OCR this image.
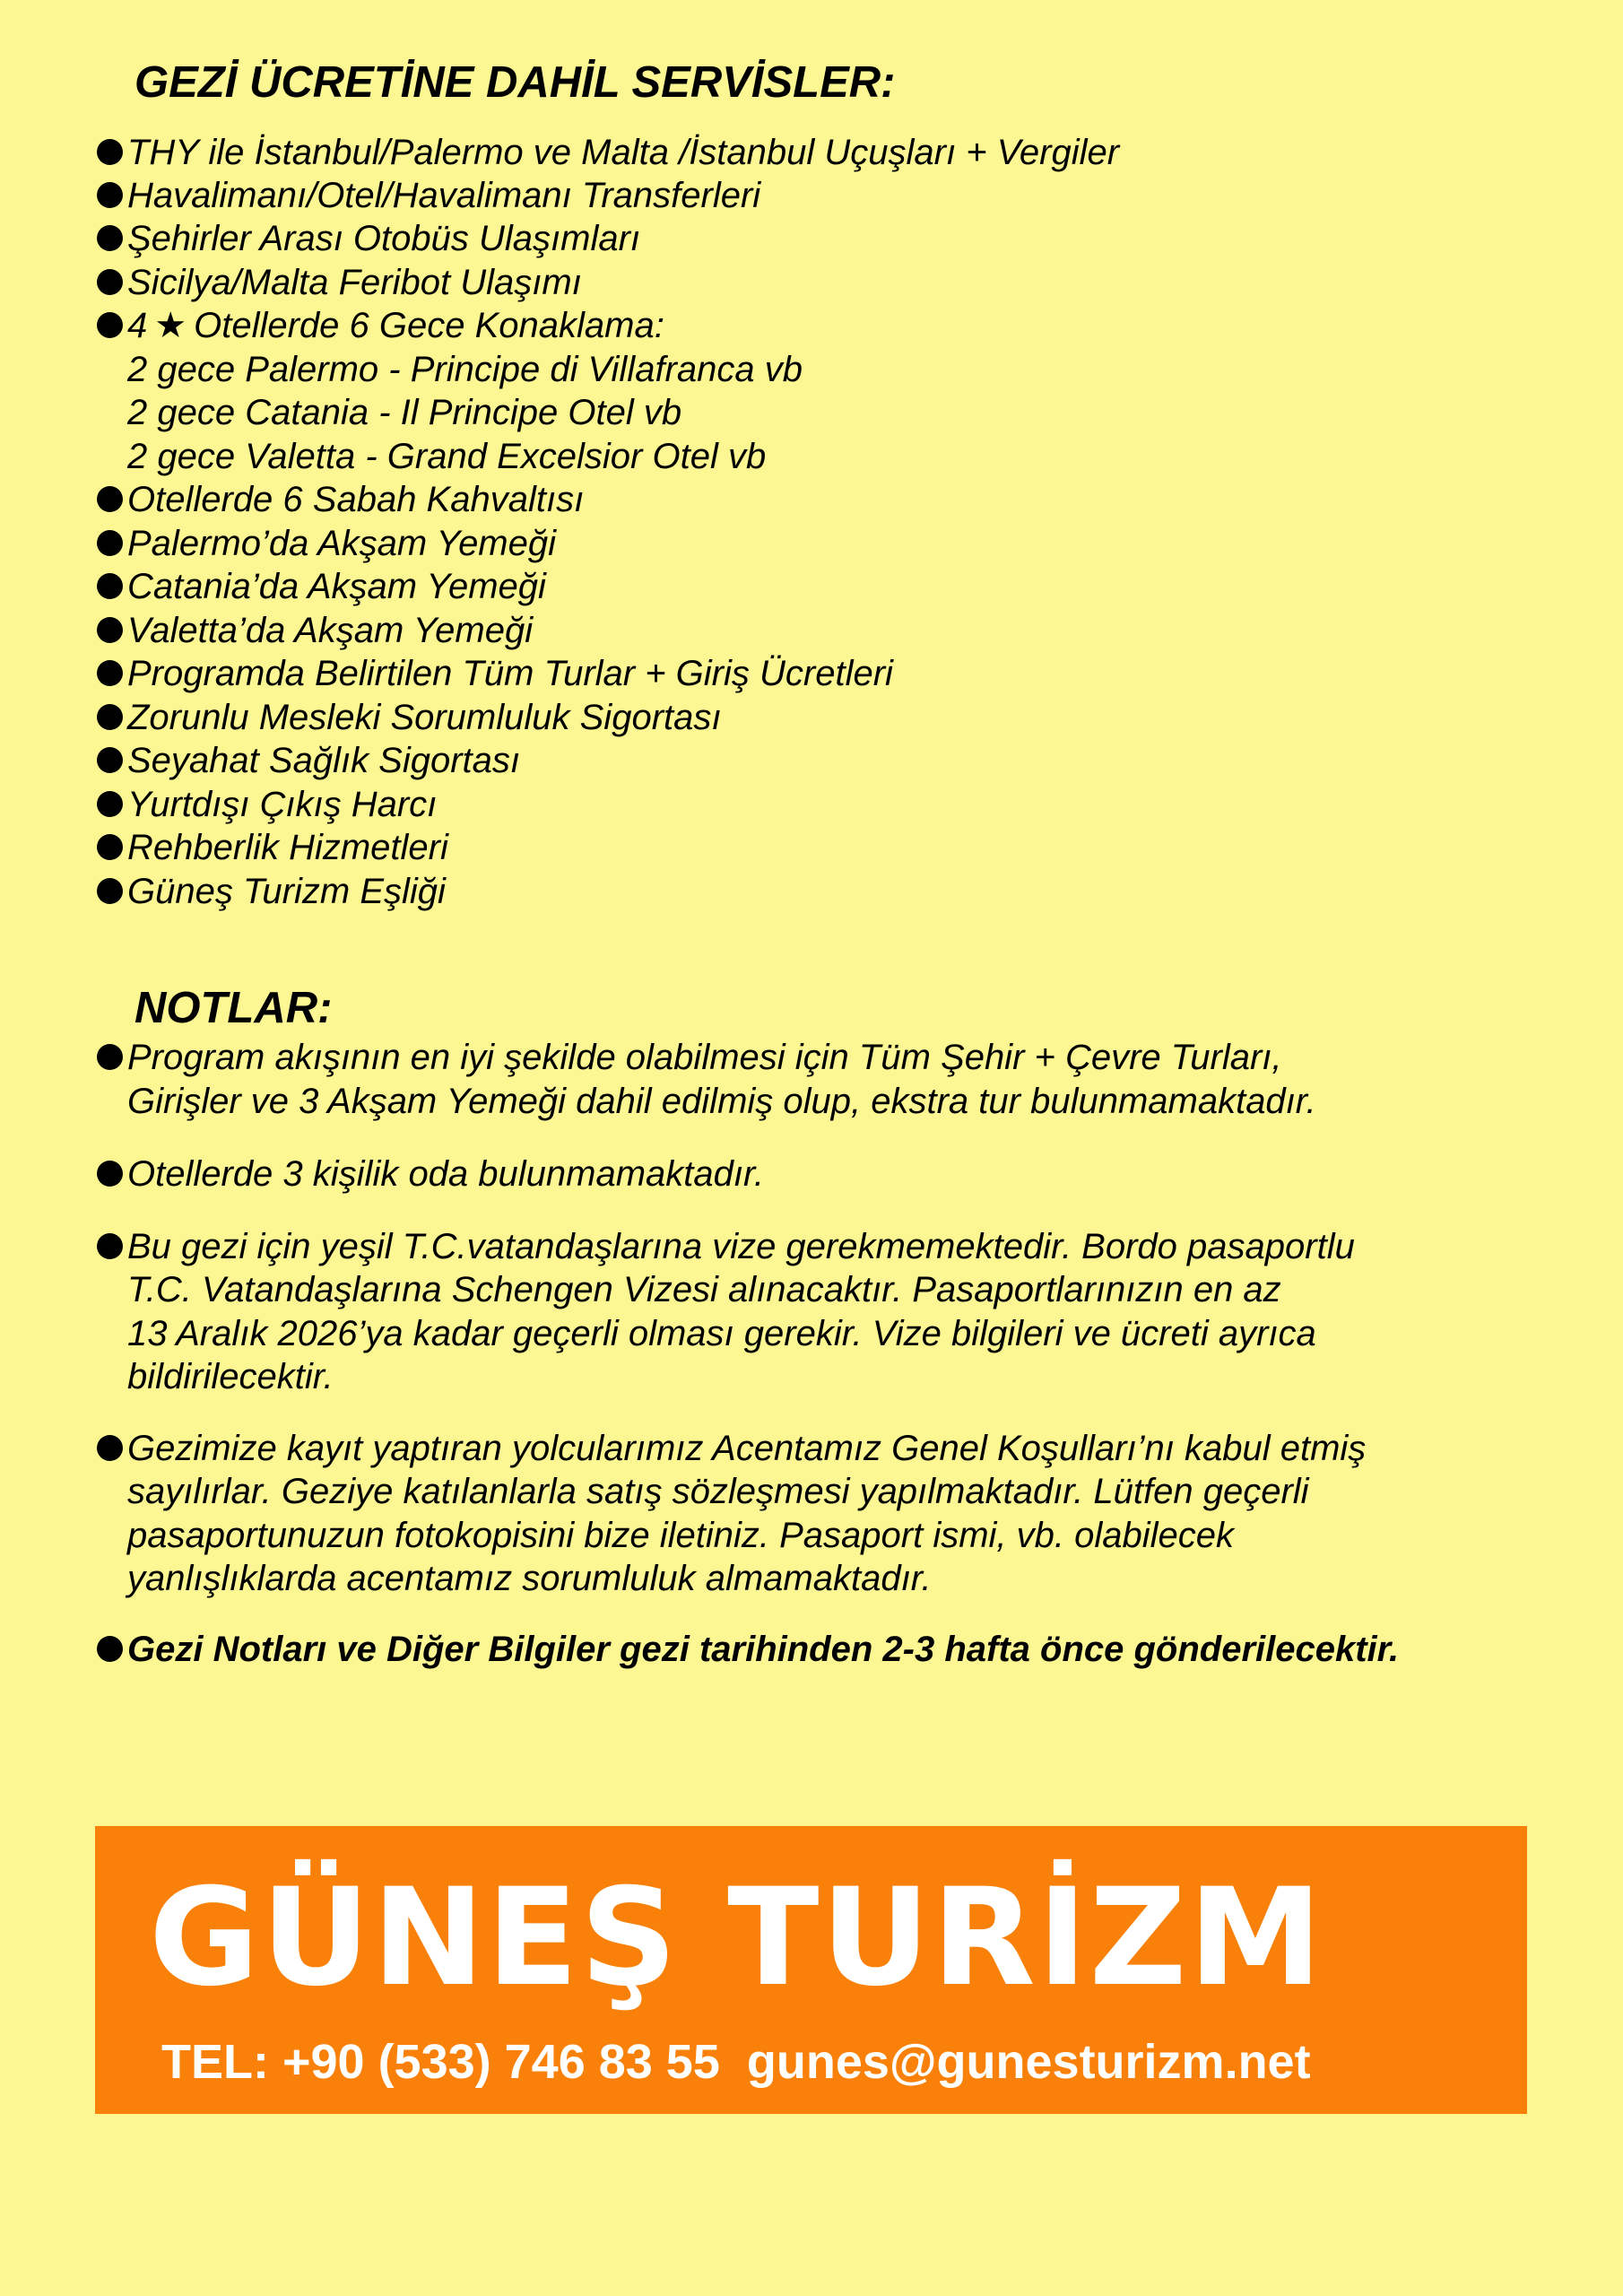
GEZİ ÜCRETİNE DAHİL SERVİSLER:
THY ile İstanbul/Palermo ve Malta /İstanbul Uçuşları + Vergiler
Havalimanı/Otel/Havalimanı Transferleri
Şehirler Arası Otobüs Ulaşımları
Sicilya/Malta Feribot Ulaşımı
4 ★ Otellerde 6 Gece Konaklama:
2 gece Palermo - Principe di Villafranca vb
2 gece Catania - Il Principe Otel vb
2 gece Valetta - Grand Excelsior Otel vb
Otellerde 6 Sabah Kahvaltısı
Palermo’da Akşam Yemeği
Catania’da Akşam Yemeği
Valetta’da Akşam Yemeği
Programda Belirtilen Tüm Turlar + Giriş Ücretleri
Zorunlu Mesleki Sorumluluk Sigortası
Seyahat Sağlık Sigortası
Yurtdışı Çıkış Harcı
Rehberlik Hizmetleri
Güneş Turizm Eşliği
NOTLAR:
Program akışının en iyi şekilde olabilmesi için Tüm Şehir + Çevre Turları,
Girişler ve 3 Akşam Yemeği dahil edilmiş olup, ekstra tur bulunmamaktadır.
Otellerde 3 kişilik oda bulunmamaktadır.
Bu gezi için yeşil T.C.vatandaşlarına vize gerekmemektedir. Bordo pasaportlu
T.C. Vatandaşlarına Schengen Vizesi alınacaktır. Pasaportlarınızın en az
13 Aralık 2026’ya kadar geçerli olması gerekir. Vize bilgileri ve ücreti ayrıca
bildirilecektir.
Gezimize kayıt yaptıran yolcularımız Acentamız Genel Koşulları’nı kabul etmiş
sayılırlar. Geziye katılanlarla satış sözleşmesi yapılmaktadır. Lütfen geçerli
pasaportunuzun fotokopisini bize iletiniz. Pasaport ismi, vb. olabilecek
yanlışlıklarda acentamız sorumluluk almamaktadır.
Gezi Notları ve Diğer Bilgiler gezi tarihinden 2-3 hafta önce gönderilecektir.
GÜNEŞ TURİZM
TEL: +90 (533) 746 83 55 gunes@gunesturizm.net
